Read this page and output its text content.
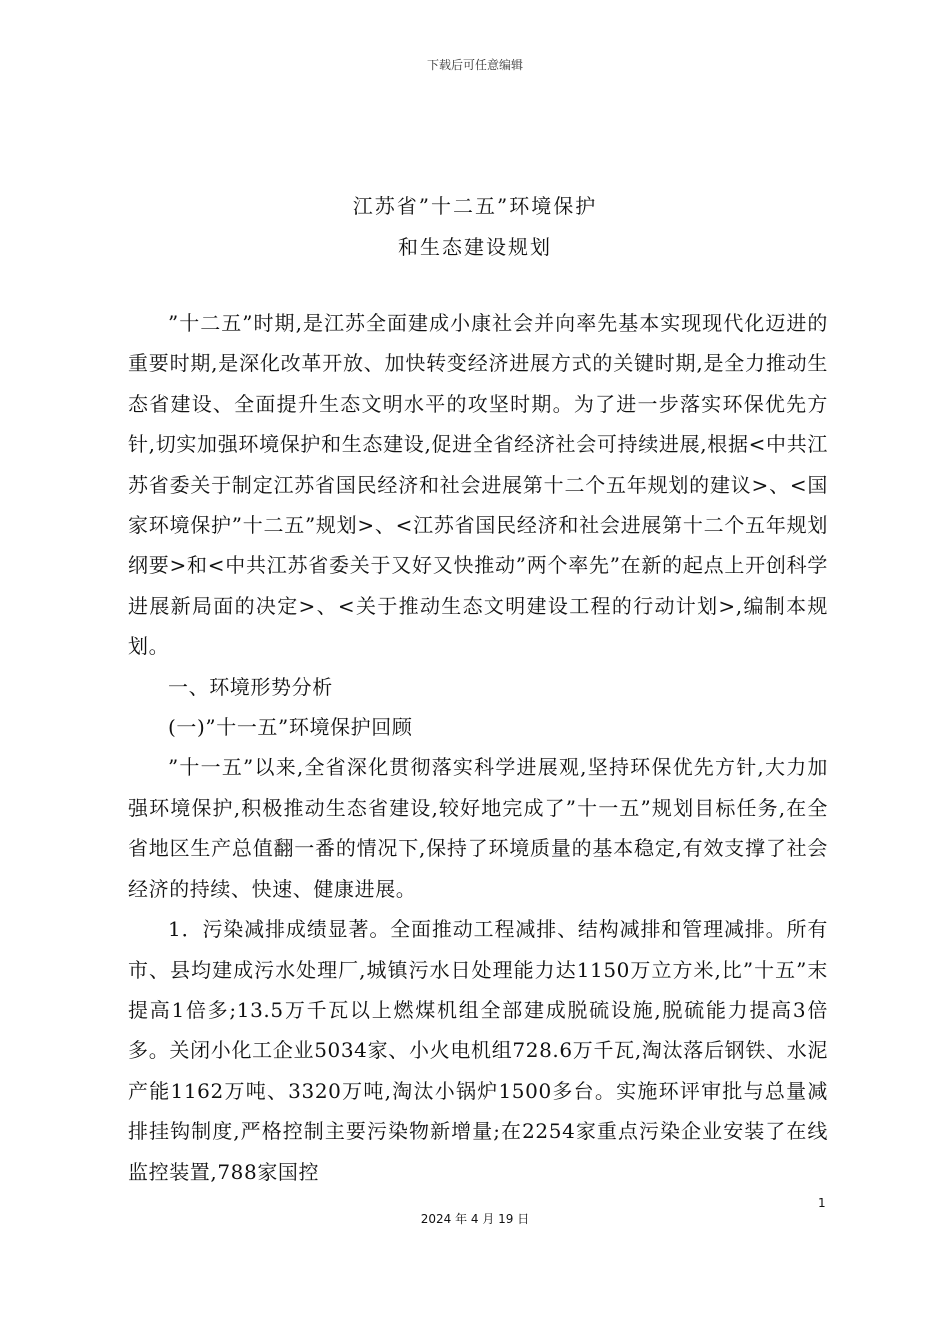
下载后可任意编辑
江苏省”十二五”环境保护
和生态建设规划

”十二五”时期,是江苏全面建成小康社会并向率先基本实现现代化迈进的重要时期,是深化改革开放、加快转变经济进展方式的关键时期,是全力推动生态省建设、全面提升生态文明水平的攻坚时期。为了进一步落实环保优先方针,切实加强环境保护和生态建设,促进全省经济社会可持续进展,根据<中共江苏省委关于制定江苏省国民经济和社会进展第十二个五年规划的建议>、<国家环境保护”十二五”规划>、<江苏省国民经济和社会进展第十二个五年规划纲要>和<中共江苏省委关于又好又快推动”两个率先”在新的起点上开创科学进展新局面的决定>、<关于推动生态文明建设工程的行动计划>,编制本规划。

一、环境形势分析

(一)”十一五”环境保护回顾

”十一五”以来,全省深化贯彻落实科学进展观,坚持环保优先方针,大力加强环境保护,积极推动生态省建设,较好地完成了”十一五”规划目标任务,在全省地区生产总值翻一番的情况下,保持了环境质量的基本稳定,有效支撑了社会经济的持续、快速、健康进展。

1．污染减排成绩显著。全面推动工程减排、结构减排和管理减排。所有市、县均建成污水处理厂,城镇污水日处理能力达1150万立方米,比”十五”末提高1倍多;13.5万千瓦以上燃煤机组全部建成脱硫设施,脱硫能力提高3倍多。关闭小化工企业5034家、小火电机组728.6万千瓦,淘汰落后钢铁、水泥产能1162万吨、3320万吨,淘汰小锅炉1500多台。实施环评审批与总量减排挂钩制度,严格控制主要污染物新增量;在2254家重点污染企业安装了在线监控装置,788家国控

1
2024 年 4 月 19 日
